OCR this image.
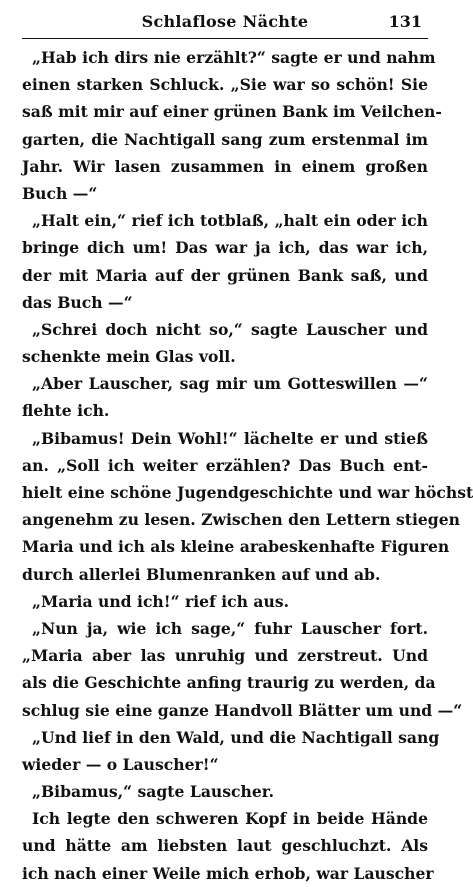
Schlaflose Nächte	131
„Hab ich dirs nie erzählt?“ sagte er und nahm
einen starken Schluck. „Sie war so schön! Sie
saß mit mir auf einer grünen Bank im Veilchen-
garten, die Nachtigall sang zum erstenmal im
Jahr. Wir lasen zusammen in einem großen
Buch —“
„Halt ein,“ rief ich totblaß, „halt ein oder ich
bringe dich um! Das war ja ich, das war ich,
der mit Maria auf der grünen Bank saß, und
das Buch —“
„Schrei doch nicht so,“ sagte Lauscher und
schenkte mein Glas voll.
„Aber Lauscher, sag mir um Gotteswillen —“
flehte ich.
„Bibamus! Dein Wohl!“ lächelte er und stieß
an. „Soll ich weiter erzählen? Das Buch ent-
hielt eine schöne Jugendgeschichte und war höchst
angenehm zu lesen. Zwischen den Lettern stiegen
Maria und ich als kleine arabeskenhafte Figuren
durch allerlei Blumenranken auf und ab.
„Maria und ich!“ rief ich aus.
„Nun ja, wie ich sage,“ fuhr Lauscher fort.
„Maria aber las unruhig und zerstreut. Und
als die Geschichte anfing traurig zu werden, da
schlug sie eine ganze Handvoll Blätter um und —“
„Und lief in den Wald, und die Nachtigall sang
wieder — o Lauscher!“
„Bibamus,“ sagte Lauscher.
Ich legte den schweren Kopf in beide Hände
und hätte am liebsten laut geschluchzt. Als
ich nach einer Weile mich erhob, war Lauscher
